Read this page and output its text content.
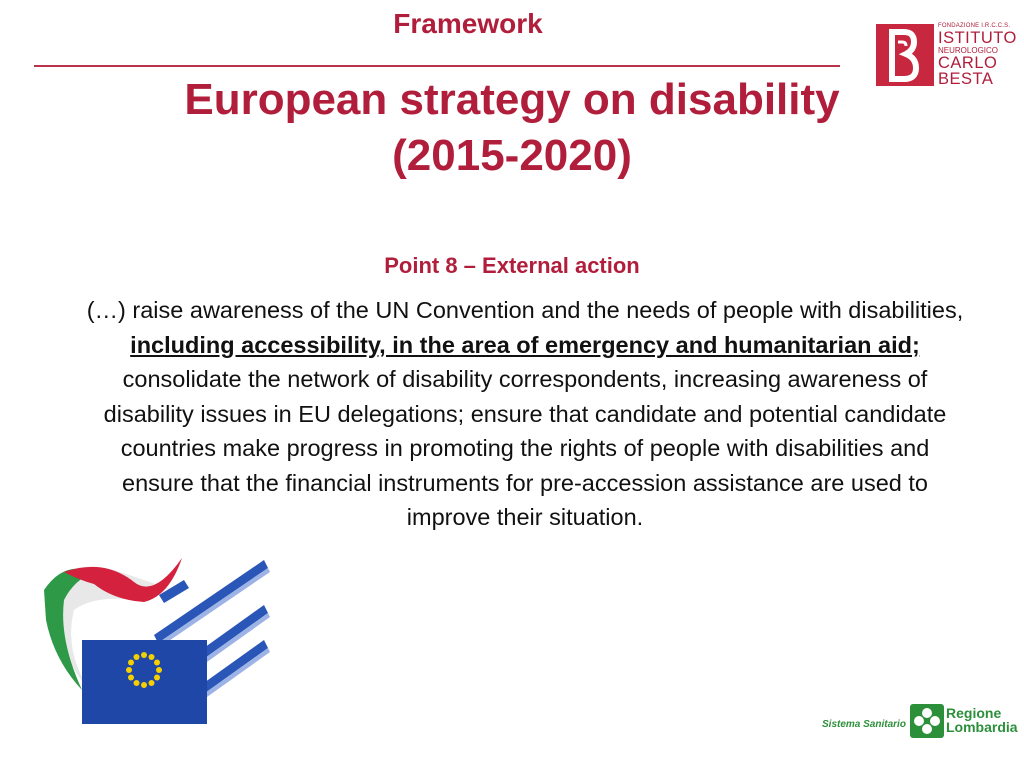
Framework
European strategy on disability
(2015-2020)
Point 8 – External action
(…) raise awareness of the UN Convention and the needs of people with disabilities, including accessibility, in the area of emergency and humanitarian aid; consolidate the network of disability correspondents, increasing awareness of disability issues in EU delegations; ensure that candidate and potential candidate countries make progress in promoting the rights of people with disabilities and ensure that the financial instruments for pre-accession assistance are used to improve their situation.
FONDAZIONE I.R.C.C.S.
ISTITUTO
NEUROLOGICO
CARLO
BESTA
Sistema Sanitario
Regione
Lombardia
